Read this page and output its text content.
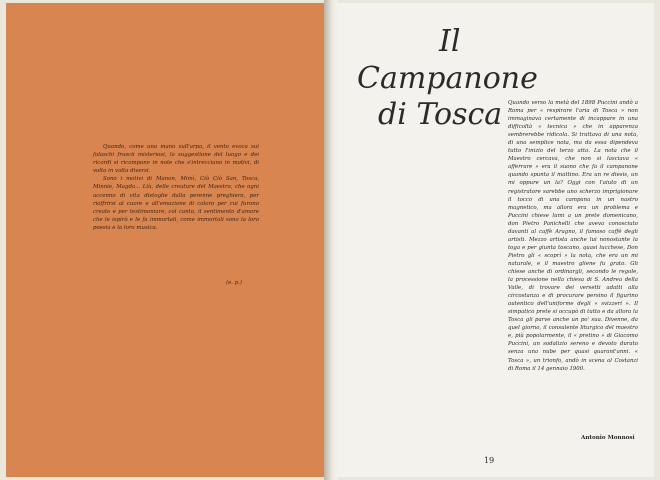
Quando, come una mano sull'arpa, il vento evoca sui falaschi fruscii misteriosi, la suggestione del luogo e dei ricordi si ricompone in note che s'intrecciano in motivi, di volta in volta diversi.

Sono i motivi di Manon, Mimì, Ciò Ciò San, Tosca, Minnie, Magda... Liù, delle creature del Maestro, che ogni accenno di vita distoglie dalla perenne preghiera, per rioffrirsi al cuore e all'emozione di coloro per cui furono create e per testimoniare, col canto, il sentimento d'amore che le ispirò e le fa immortali, come immortali sono la loro poesia e la loro musica.

(e. p.)
Il
Campanone
di Tosca Quando verso la metà del 1898 Puccini andò a Roma per « respirare l'aria di Tosca » non immaginava certamente di incappare in una difficoltà « tecnica » che in apparenza sembrerebbe ridicola. Si trattava di una nota, di una semplice nota, ma da essa dipendeva tutto l'inizio del terzo atto. La nota che il Maestro cercava, che non si lasciava « afferrare » era il suono che fa il campanone quando spunta il mattino. Era un re diesis, un mi oppure un la? Oggi con l'aiuto di un registratore sarebbe uno scherzo imprigionare il tocco di una campana in un nastro magnetico, ma allora era un problema e Puccini chiese lumi a un prete domenicano, don Pietro Panichelli che aveva conosciuto davanti al caffè Aragno, il famoso caffè degli artisti. Mezzo artista anche lui nonostante la toga e per giunta toscano, quasi lucchese, Don Pietro gli « scoprì » la nota, che era un mi naturale, e il maestro gliene fu grato. Gli chiese anche di ordinargli, secondo le regole, la processione nella chiesa di S. Andrea della Valle, di trovare dei versetti adatti alla circostanza e di procurare persino il figurino autentico dell'uniforme degli « svizzeri ». Il simpatico prete si occupò di tutto e da allora la Tosca gli parve anche un po' sua. Divenne, da quel giorno, il consulente liturgico del maestro e, più popolarmente, il « pretino » di Giacomo Puccini, un sodalizio sereno e devoto durato senza una nube per quasi quarant'anni. « Tosca », un trionfo, andò in scena al Costanzi di Roma il 14 gennaio 1900.

Antonio Monnosi
19
